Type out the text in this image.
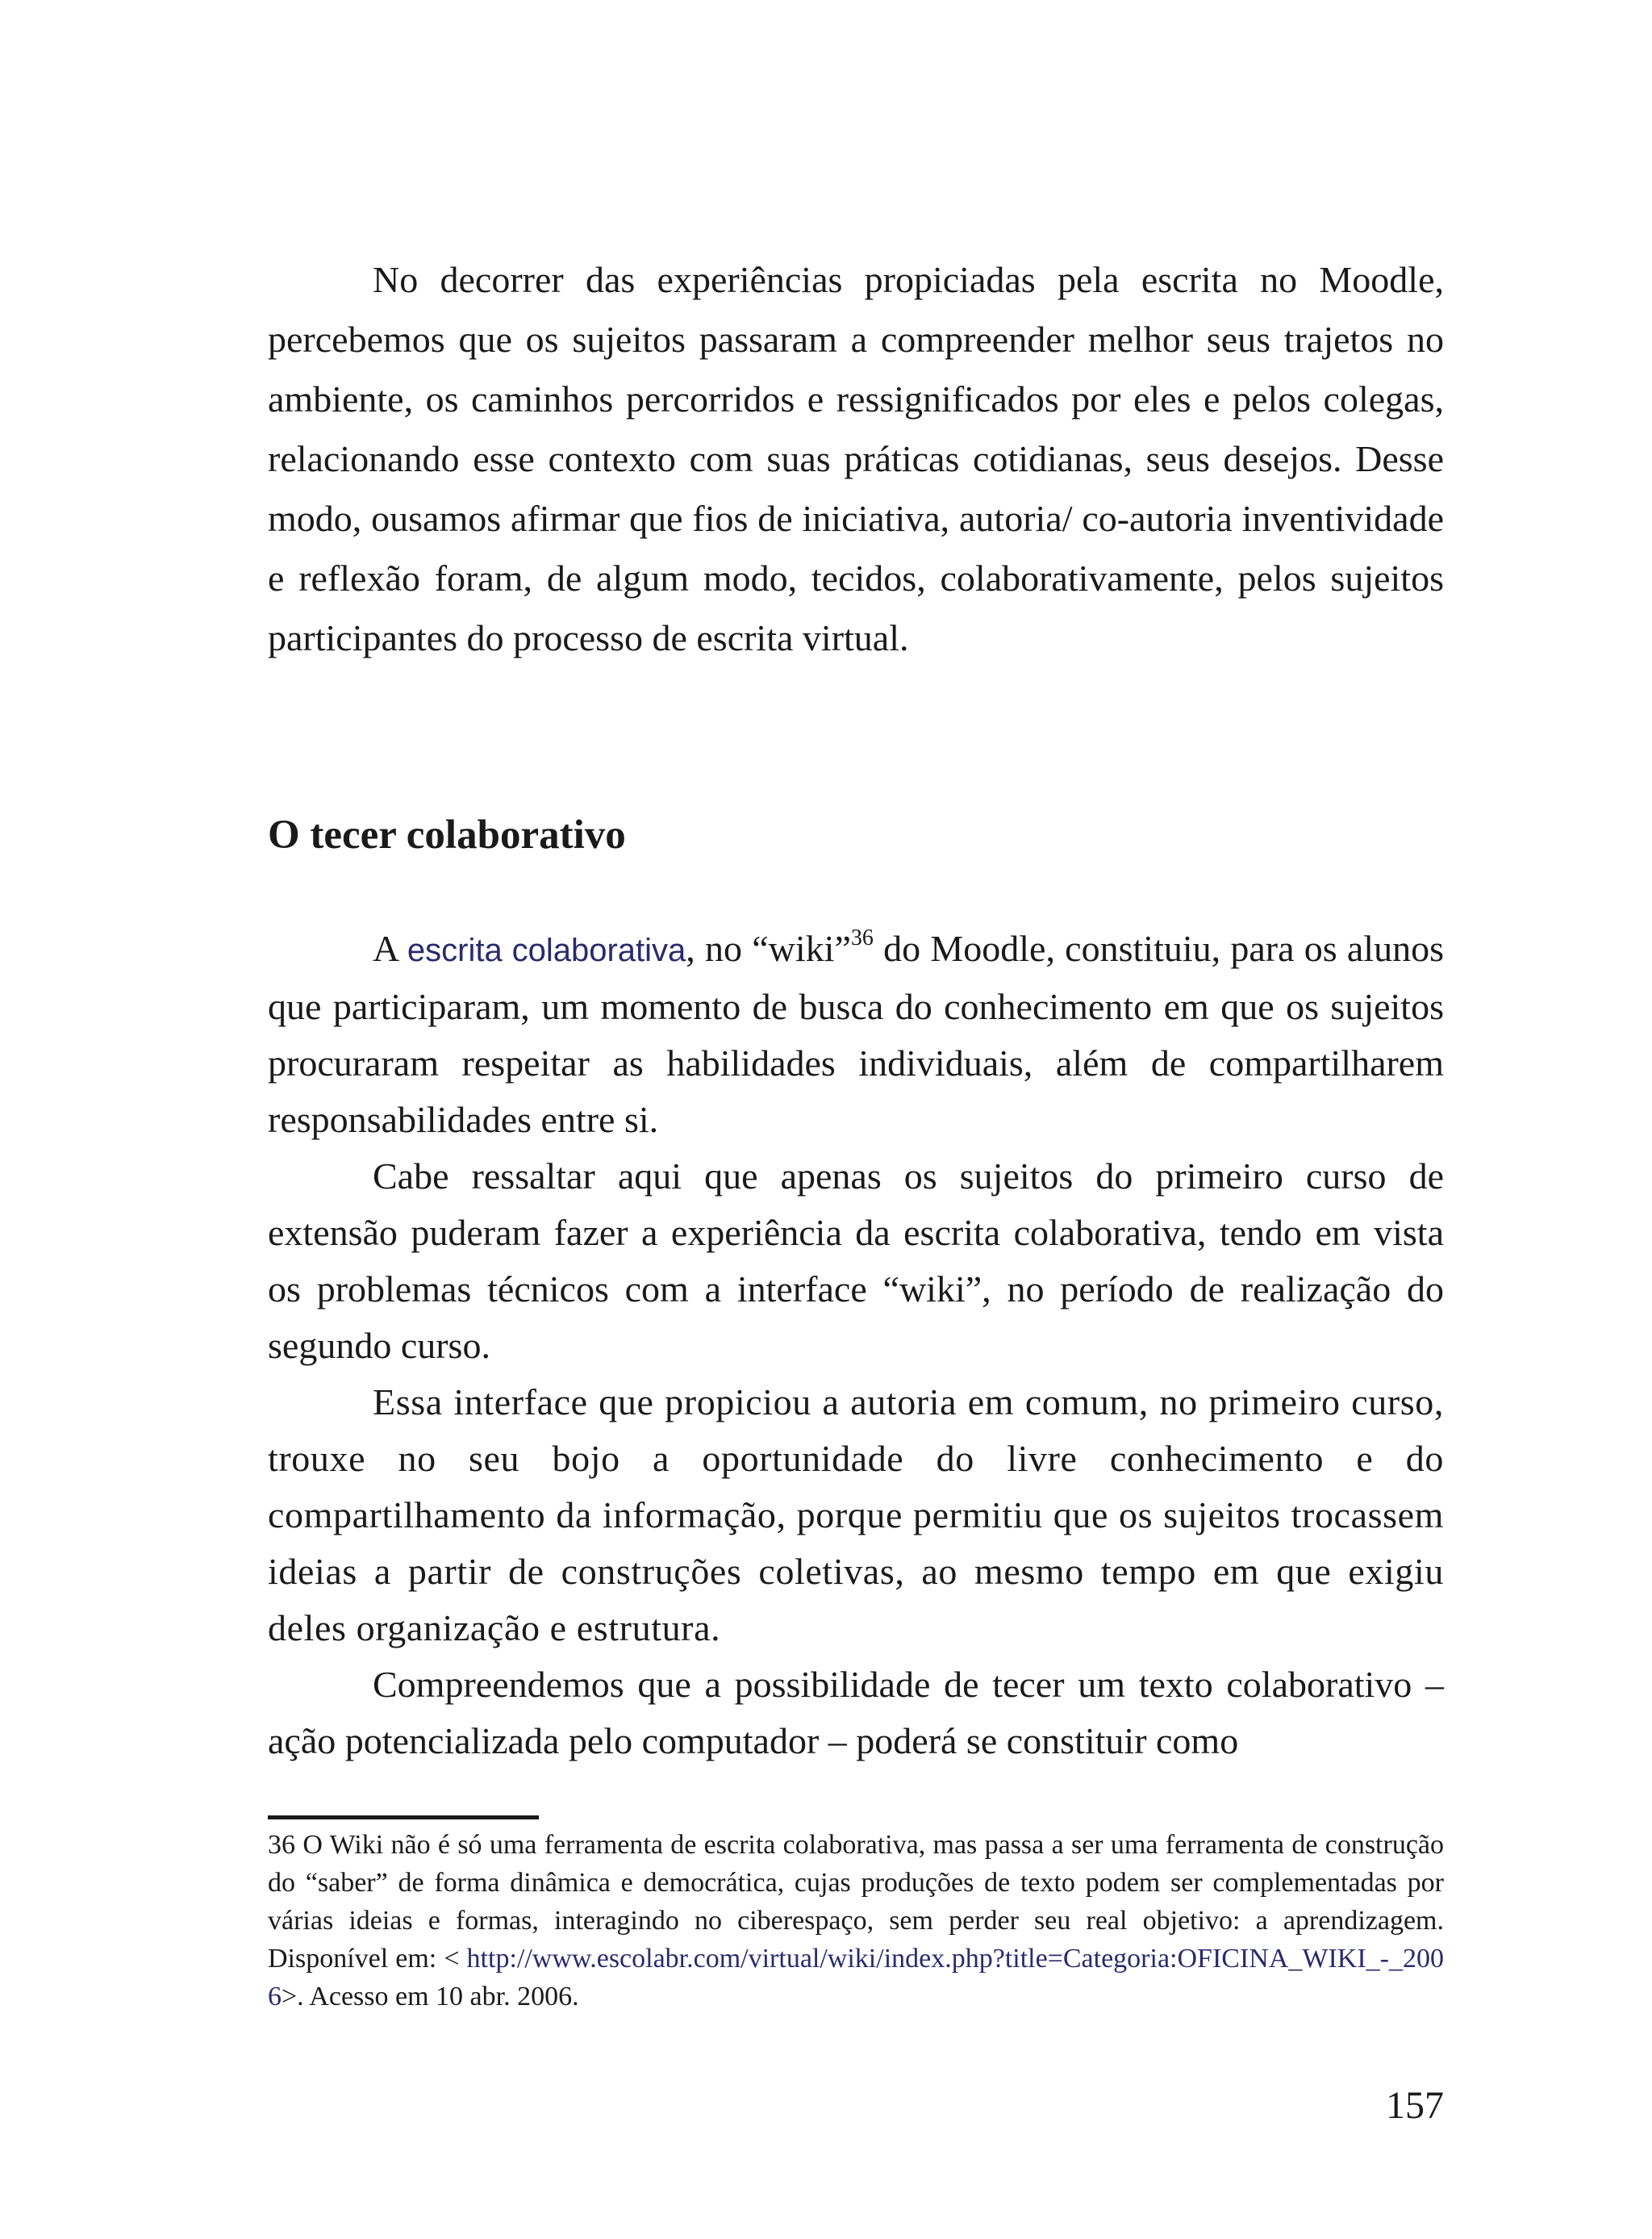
No decorrer das experiências propiciadas pela escrita no Moodle, percebemos que os sujeitos passaram a compreender melhor seus trajetos no ambiente, os caminhos percorridos e ressignificados por eles e pelos colegas, relacionando esse contexto com suas práticas cotidianas, seus desejos. Desse modo, ousamos afirmar que fios de iniciativa, autoria/ co-autoria inventividade e reflexão foram, de algum modo, tecidos, colaborativamente, pelos sujeitos participantes do processo de escrita virtual.

O tecer colaborativo

A escrita colaborativa, no “wiki”$^{36}$ do Moodle, constituiu, para os alunos que participaram, um momento de busca do conhecimento em que os sujeitos procuraram respeitar as habilidades individuais, além de compartilharem responsabilidades entre si.

Cabe ressaltar aqui que apenas os sujeitos do primeiro curso de extensão puderam fazer a experiência da escrita colaborativa, tendo em vista os problemas técnicos com a interface “wiki”, no período de realização do segundo curso.

Essa interface que propiciou a autoria em comum, no primeiro curso, trouxe no seu bojo a oportunidade do livre conhecimento e do compartilhamento da informação, porque permitiu que os sujeitos trocassem ideias a partir de construções coletivas, ao mesmo tempo em que exigiu deles organização e estrutura.

Compreendemos que a possibilidade de tecer um texto colaborativo – ação potencializada pelo computador – poderá se constituir como

36 O Wiki não é só uma ferramenta de escrita colaborativa, mas passa a ser uma ferramenta de construção do “saber” de forma dinâmica e democrática, cujas produções de texto podem ser complementadas por várias ideias e formas, interagindo no ciberespaço, sem perder seu real objetivo: a aprendizagem. Disponível em: < http://www.escolabr.com/virtual/wiki/index.php?title=Categoria:OFICINA_WIKI_-_2006>. Acesso em 10 abr. 2006.

157
